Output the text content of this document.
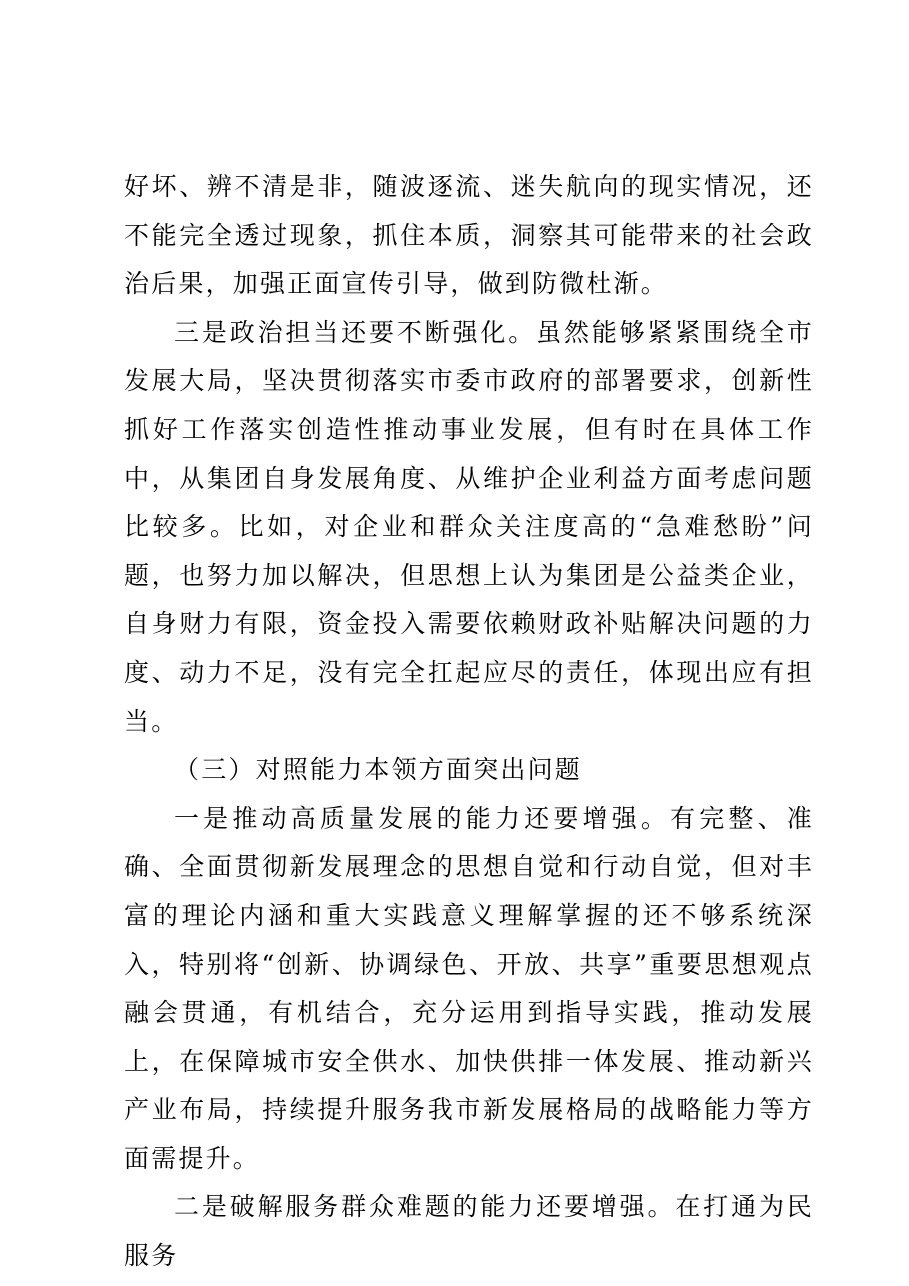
好坏、辨不清是非，随波逐流、迷失航向的现实情况，还不能完全透过现象，抓住本质，洞察其可能带来的社会政治后果，加强正面宣传引导，做到防微杜渐。

三是政治担当还要不断强化。虽然能够紧紧围绕全市发展大局，坚决贯彻落实市委市政府的部署要求，创新性抓好工作落实创造性推动事业发展，但有时在具体工作中，从集团自身发展角度、从维护企业利益方面考虑问题比较多。比如，对企业和群众关注度高的“急难愁盼”问题，也努力加以解决，但思想上认为集团是公益类企业，自身财力有限，资金投入需要依赖财政补贴解决问题的力度、动力不足，没有完全扛起应尽的责任，体现出应有担当。

（三）对照能力本领方面突出问题

一是推动高质量发展的能力还要增强。有完整、准确、全面贯彻新发展理念的思想自觉和行动自觉，但对丰富的理论内涵和重大实践意义理解掌握的还不够系统深入，特别将“创新、协调绿色、开放、共享”重要思想观点融会贯通，有机结合，充分运用到指导实践，推动发展上，在保障城市安全供水、加快供排一体发展、推动新兴产业布局，持续提升服务我市新发展格局的战略能力等方面需提升。

二是破解服务群众难题的能力还要增强。在打通为民服务
